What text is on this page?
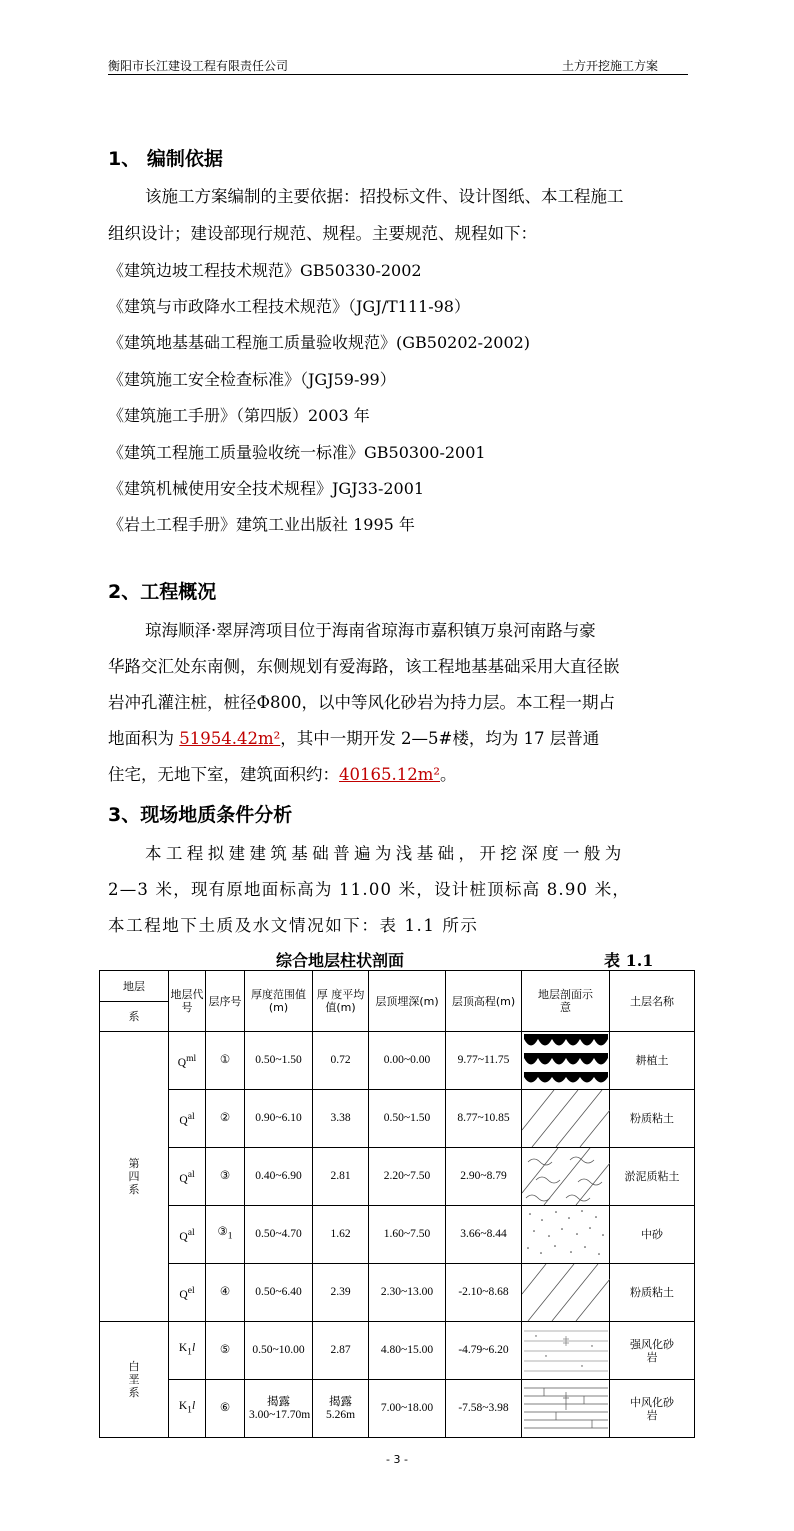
衡阳市长江建设工程有限责任公司	土方开挖施工方案
1、 编制依据
该施工方案编制的主要依据：招投标文件、设计图纸、本工程施工
组织设计；建设部现行规范、规程。主要规范、规程如下：
《建筑边坡工程技术规范》GB50330-2002
《建筑与市政降水工程技术规范》（JGJ/T111-98）
《建筑地基基础工程施工质量验收规范》(GB50202-2002)
《建筑施工安全检查标准》（JGJ59-99）
《建筑施工手册》（第四版）2003 年
《建筑工程施工质量验收统一标准》GB50300-2001
《建筑机械使用安全技术规程》JGJ33-2001
《岩土工程手册》建筑工业出版社 1995 年
2、工程概况
琼海顺泽·翠屏湾项目位于海南省琼海市嘉积镇万泉河南路与豪
华路交汇处东南侧，东侧规划有爱海路，该工程地基基础采用大直径嵌
岩冲孔灌注桩，桩径Φ800，以中等风化砂岩为持力层。本工程一期占
地面积为 51954.42m²，其中一期开发 2—5#楼，均为 17 层普通
住宅，无地下室，建筑面积约：40165.12m²。
3、现场地质条件分析
本工程拟建建筑基础普遍为浅基础，开挖深度一般为
2—3 米，现有原地面标高为 11.00 米，设计桩顶标高 8.90 米，
本工程地下土质及水文情况如下：表 1.1 所示
综合地层柱状剖面	表 1.1
地层	地层代号	层序号	厚度范围值(m)	厚 度平均值(m)	层顶埋深(m)	层顶高程(m)	地层剖面示　　意	土层名称
系								
第四系	$Q^{ml}$	①	0.50~1.50	0.72	0.00~0.00	9.77~11.75		耕植土
	$Q^{al}$	②	0.90~6.10	3.38	0.50~1.50	8.77~10.85		粉质粘土
	$Q^{al}$	③	0.40~6.90	2.81	2.20~7.50	2.90~8.79		淤泥质粘土
	$Q^{al}$	$③_1$	0.50~4.70	1.62	1.60~7.50	3.66~8.44		中砂
	$Q^{el}$	④	0.50~6.40	2.39	2.30~13.00	-2.10~8.68		粉质粘土
白垩系	$K_1l$	⑤	0.50~10.00	2.87	4.80~15.00	-4.79~6.20		强风化砂岩
	$K_1l$	⑥	揭露3.00~17.70m	揭露5.26m	7.00~18.00	-7.58~3.98		中风化砂岩
- 3 -
